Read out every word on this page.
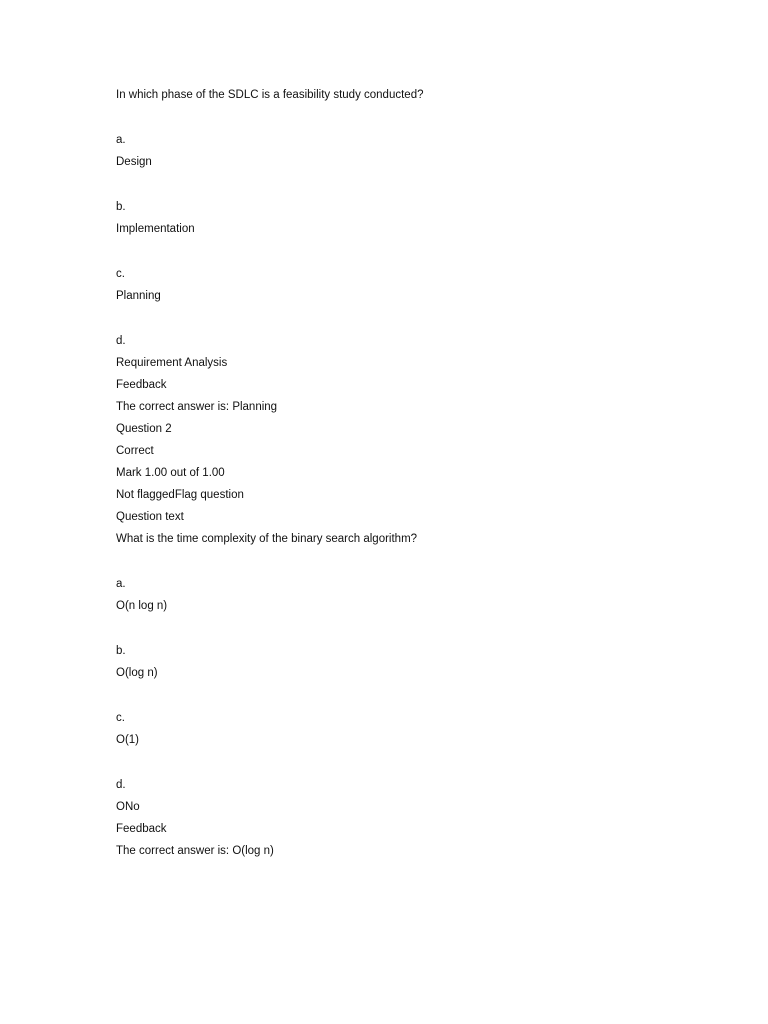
In which phase of the SDLC is a feasibility study conducted?
a.
Design
b.
Implementation
c.
Planning
d.
Requirement Analysis
Feedback
The correct answer is: Planning
Question 2
Correct
Mark 1.00 out of 1.00
Not flaggedFlag question
Question text
What is the time complexity of the binary search algorithm?
a.
O(n log n)
b.
O(log n)
c.
O(1)
d.
ONo
Feedback
The correct answer is: O(log n)
